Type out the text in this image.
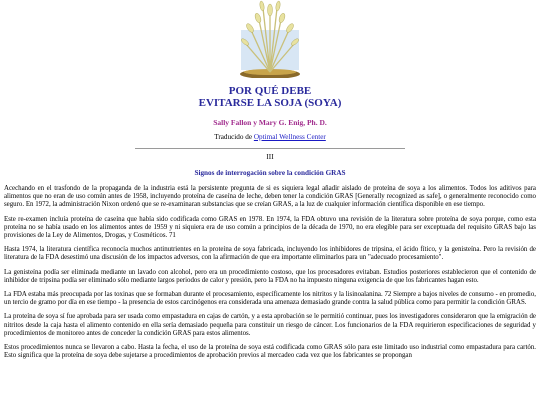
POR QUÉ DEBE
EVITARSE LA SOJA (SOYA)
Sally Fallon y Mary G. Enig, Ph. D.
Traducido de Optimal Wellness Center
III
Signos de interrogación sobre la condición GRAS

Acechando en el trasfondo de la propaganda de la industria está la persistente pregunta de si es siquiera legal añadir aislado de proteína de soya a los alimentos. Todos los aditivos para alimentos que no eran de uso común antes de 1958, incluyendo proteína de caseína de leche, deben tener la condición GRAS [Generally recognized as safe], o generalmente reconocido como seguro. En 1972, la administración Nixon ordenó que se re-examinaran substancias que se creían GRAS, a la luz de cualquier información científica disponible en ese tiempo.

Este re-examen incluía proteína de caseína que había sido codificada como GRAS en 1978. En 1974, la FDA obtuvo una revisión de la literatura sobre proteína de soya porque, como esta proteína no se había usado en los alimentos antes de 1959 y ni siquiera era de uso común a principios de la década de 1970, no era elegible para ser exceptuada del requisito GRAS bajo las provisiones de la Ley de Alimentos, Drogas, y Cosméticos. 71

Hasta 1974, la literatura científica reconocía muchos antinutrientes en la proteína de soya fabricada, incluyendo los inhibidores de tripsina, el ácido fítico, y la genisteína. Pero la revisión de literatura de la FDA desestimó una discusión de los impactos adversos, con la afirmación de que era importante eliminarlos para un "adecuado procesamiento".

La genisteína podía ser eliminada mediante un lavado con alcohol, pero era un procedimiento costoso, que los procesadores evitaban. Estudios posteriores establecieron que el contenido de inhibidor de tripsina podía ser eliminado sólo mediante largos periodos de calor y presión, pero la FDA no ha impuesto ninguna exigencia de que los fabricantes hagan esto.

La FDA estaba más preocupada por las toxinas que se formaban durante el procesamiento, específicamente los nitritos y la lisinoalanina. 72 Siempre a bajos niveles de consumo - en promedio, un tercio de gramo por día en ese tiempo - la presencia de estos carcinógenos era considerada una amenaza demasiado grande contra la salud pública como para permitir la condición GRAS.

La proteína de soya sí fue aprobada para ser usada como empastadura en cajas de cartón, y a esta aprobación se le permitió continuar, pues los investigadores consideraron que la emigración de nitritos desde la caja hasta el alimento contenido en ella sería demasiado pequeña para constituir un riesgo de cáncer. Los funcionarios de la FDA requirieron especificaciones de seguridad y procedimientos de monitoreo antes de conceder la condición GRAS para estos alimentos.

Estos procedimientos nunca se llevaron a cabo. Hasta la fecha, el uso de la proteína de soya está codificada como GRAS sólo para este limitado uso industrial como empastadura para cartón. Esto significa que la proteína de soya debe sujetarse a procedimientos de aprobación previos al mercadeo cada vez que los fabricantes se propongan
